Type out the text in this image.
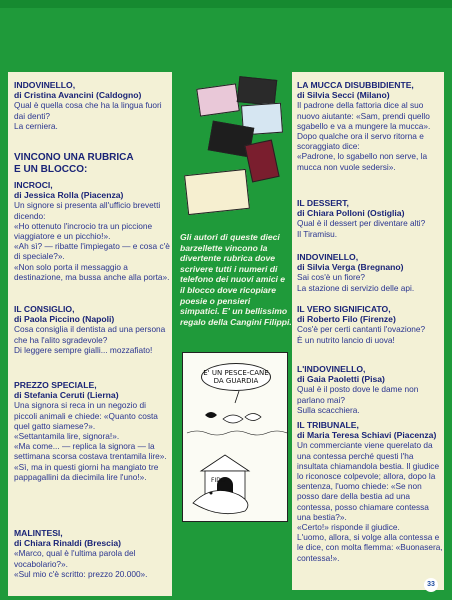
INDOVINELLO,
di Cristina Avancini (Caldogno)
Qual è quella cosa che ha la lingua fuori dai denti?
La cerniera.
VINCONO UNA RUBRICA E UN BLOCCO:
INCROCI,
di Jessica Rolla (Piacenza)
Un signore si presenta all'ufficio brevetti dicendo:
«Ho ottenuto l'incrocio tra un piccione viaggiatore e un picchio!».
«Ah sì? — ribatte l'impiegato — e cosa c'è di speciale?».
«Non solo porta il messaggio a destinazione, ma bussa anche alla porta».
IL CONSIGLIO,
di Paola Piccino (Napoli)
Cosa consiglia il dentista ad una persona che ha l'alito sgradevole?
Di leggere sempre gialli... mozzafiato!
PREZZO SPECIALE,
di Stefania Ceruti (Lierna)
Una signora si reca in un negozio di piccoli animali e chiede: «Quanto costa quel gatto siamese?».
«Settantamila lire, signora!».
«Ma come... — replica la signora — la settimana scorsa costava trentamila lire».
«Sì, ma in questi giorni ha mangiato tre pappagallini da diecimila lire l'uno!».
MALINTESI,
di Chiara Rinaldi (Brescia)
«Marco, qual è l'ultima parola del vocabolario?».
«Sul mio c'è scritto: prezzo 20.000».
Gli autori di queste dieci barzellette vincono la divertente rubrica dove scrivere tutti i numeri di telefono dei nuovi amici e il blocco dove ricopiare poesie o pensieri simpatici. E' un bellissimo regalo della Cangini Filippi.
E' UN PESCE-CANE DA GUARDIA
FIDO
LA MUCCA DISUBBIDIENTE,
di Silvia Secci (Milano)
Il padrone della fattoria dice al suo nuovo aiutante: «Sam, prendi quello sgabello e va a mungere la mucca».
Dopo qualche ora il servo ritorna e scoraggiato dice:
«Padrone, lo sgabello non serve, la mucca non vuole sedersi».
IL DESSERT,
di Chiara Polloni (Ostiglia)
Qual è il dessert per diventare alti?
Il Tiramisu.
INDOVINELLO,
di Silvia Verga (Bregnano)
Sai cos'è un fiore?
La stazione di servizio delle api.
IL VERO SIGNIFICATO,
di Roberto Filo (Firenze)
Cos'è per certi cantanti l'ovazione?
È un nutrito lancio di uova!
L'INDOVINELLO,
di Gaia Paoletti (Pisa)
Qual è il posto dove le dame non parlano mai?
Sulla scacchiera.
IL TRIBUNALE,
di Maria Teresa Schiavi (Piacenza)
Un commerciante viene querelato da una contessa perché questi l'ha insultata chiamandola bestia. Il giudice lo riconosce colpevole; allora, dopo la sentenza, l'uomo chiede: «Se non posso dare della bestia ad una contessa, posso chiamare contessa una bestia?».
«Certo!» risponde il giudice.
L'uomo, allora, si volge alla contessa e le dice, con molta flemma: «Buonasera, contessa!».
33
